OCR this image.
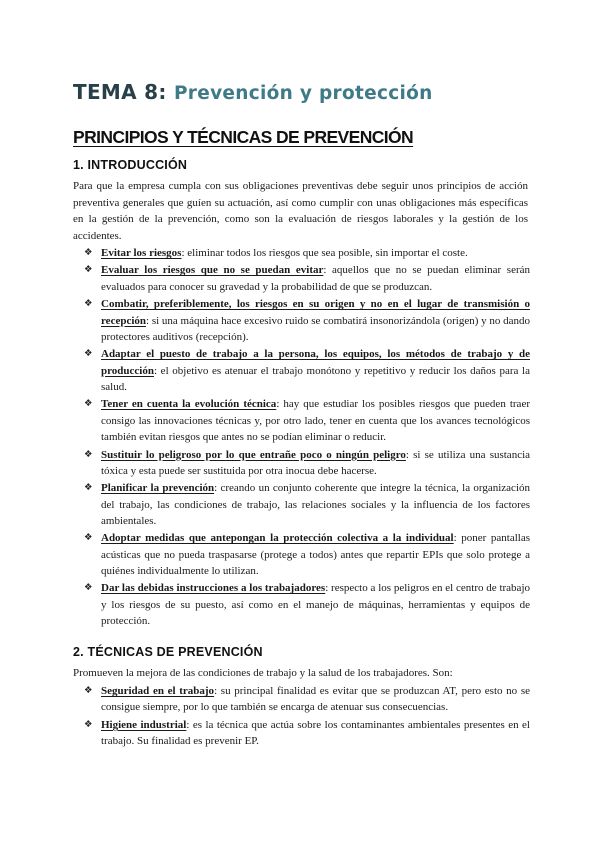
TEMA 8: Prevención y protección
PRINCIPIOS Y TÉCNICAS DE PREVENCIÓN
1. INTRODUCCIÓN

Para que la empresa cumpla con sus obligaciones preventivas debe seguir unos principios de acción preventiva generales que guíen su actuación, así como cumplir con unas obligaciones más específicas en la gestión de la prevención, como son la evaluación de riesgos laborales y la gestión de los accidentes.

❖ Evitar los riesgos: eliminar todos los riesgos que sea posible, sin importar el coste.
❖ Evaluar los riesgos que no se puedan evitar: aquellos que no se puedan eliminar serán evaluados para conocer su gravedad y la probabilidad de que se produzcan.
❖ Combatir, preferiblemente, los riesgos en su origen y no en el lugar de transmisión o recepción: si una máquina hace excesivo ruido se combatirá insonorizándola (origen) y no dando protectores auditivos (recepción).
❖ Adaptar el puesto de trabajo a la persona, los equipos, los métodos de trabajo y de producción: el objetivo es atenuar el trabajo monótono y repetitivo y reducir los daños para la salud.
❖ Tener en cuenta la evolución técnica: hay que estudiar los posibles riesgos que pueden traer consigo las innovaciones técnicas y, por otro lado, tener en cuenta que los avances tecnológicos también evitan riesgos que antes no se podían eliminar o reducir.
❖ Sustituir lo peligroso por lo que entrañe poco o ningún peligro: si se utiliza una sustancia tóxica y esta puede ser sustituida por otra inocua debe hacerse.
❖ Planificar la prevención: creando un conjunto coherente que integre la técnica, la organización del trabajo, las condiciones de trabajo, las relaciones sociales y la influencia de los factores ambientales.
❖ Adoptar medidas que antepongan la protección colectiva a la individual: poner pantallas acústicas que no pueda traspasarse (protege a todos) antes que repartir EPIs que solo protege a quiénes individualmente lo utilizan.
❖ Dar las debidas instrucciones a los trabajadores: respecto a los peligros en el centro de trabajo y los riesgos de su puesto, así como en el manejo de máquinas, herramientas y equipos de protección.
2. TÉCNICAS DE PREVENCIÓN

Promueven la mejora de las condiciones de trabajo y la salud de los trabajadores. Son:

❖ Seguridad en el trabajo: su principal finalidad es evitar que se produzcan AT, pero esto no se consigue siempre, por lo que también se encarga de atenuar sus consecuencias.
❖ Higiene industrial: es la técnica que actúa sobre los contaminantes ambientales presentes en el trabajo. Su finalidad es prevenir EP.
